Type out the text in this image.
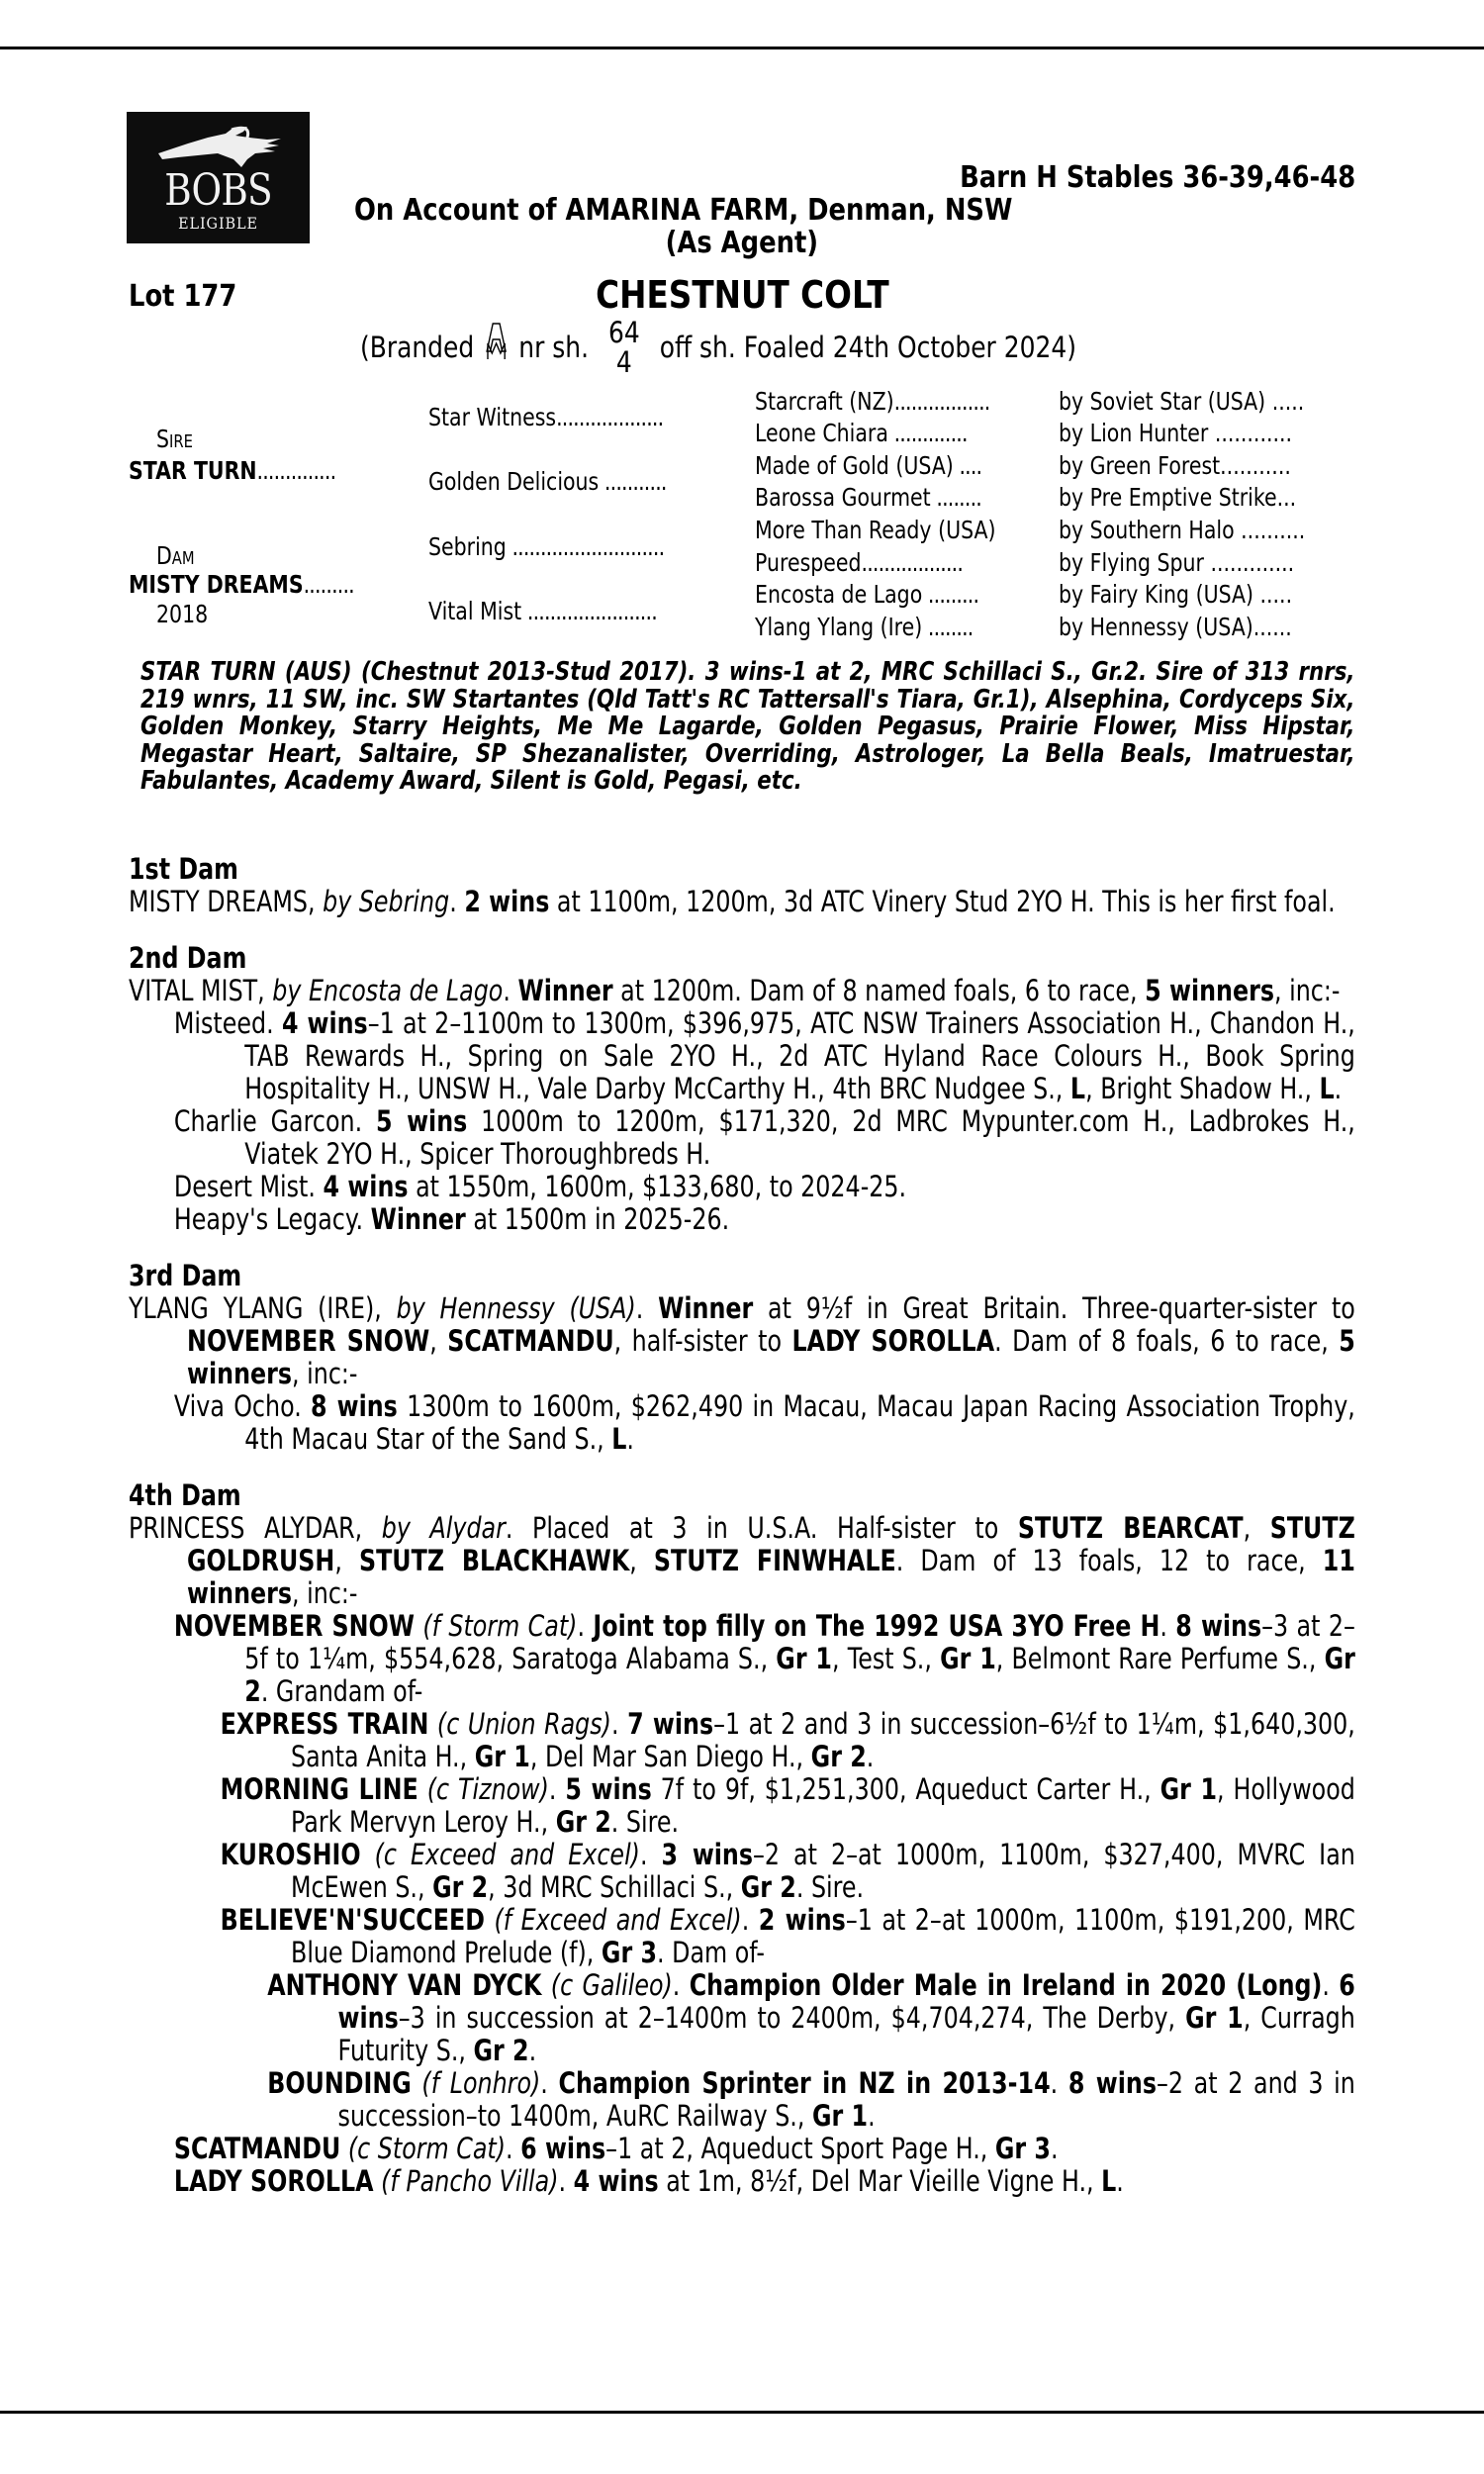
BOBS
ELIGIBLE
Barn H Stables 36-39,46-48
On Account of AMARINA FARM, Denman, NSW
(As Agent)
Lot 177	CHESTNUT COLT
(Branded nr sh. 64
4 off sh. Foaled 24th October 2024)
Sire
STAR TURN..............
Dam
MISTY DREAMS.........
2018
Star Witness...................
Golden Delicious ...........
Sebring ...........................
Vital Mist .......................
Starcraft (NZ).................
Leone Chiara .............
Made of Gold (USA) ....
Barossa Gourmet ........
More Than Ready (USA)
Purespeed..................
Encosta de Lago .........
Ylang Ylang (Ire) ........
by Soviet Star (USA) .....
by Lion Hunter ............
by Green Forest...........
by Pre Emptive Strike...
by Southern Halo ..........
by Flying Spur .............
by Fairy King (USA) .....
by Hennessy (USA)......
STAR TURN (AUS) (Chestnut 2013-Stud 2017). 3 wins-1 at 2, MRC Schillaci S., Gr.2. Sire of 313 rnrs, 219 wnrs, 11 SW, inc. SW Startantes (Qld Tatt's RC Tattersall's Tiara, Gr.1), Alsephina, Cordyceps Six, Golden Monkey, Starry Heights, Me Me Lagarde, Golden Pegasus, Prairie Flower, Miss Hipstar, Megastar Heart, Saltaire, SP Shezanalister, Overriding, Astrologer, La Bella Beals, Imatruestar, Fabulantes, Academy Award, Silent is Gold, Pegasi, etc.
1st Dam
MISTY DREAMS, by Sebring. 2 wins at 1100m, 1200m, 3d ATC Vinery Stud 2YO H. This is her first foal.
2nd Dam
VITAL MIST, by Encosta de Lago. Winner at 1200m. Dam of 8 named foals, 6 to race, 5 winners, inc:-
Misteed. 4 wins–1 at 2–1100m to 1300m, $396,975, ATC NSW Trainers Association H., Chandon H., TAB Rewards H., Spring on Sale 2YO H., 2d ATC Hyland Race Colours H., Book Spring Hospitality H., UNSW H., Vale Darby McCarthy H., 4th BRC Nudgee S., L, Bright Shadow H., L.
Charlie Garcon. 5 wins 1000m to 1200m, $171,320, 2d MRC Mypunter.com H., Ladbrokes H., Viatek 2YO H., Spicer Thoroughbreds H.
Desert Mist. 4 wins at 1550m, 1600m, $133,680, to 2024-25.
Heapy's Legacy. Winner at 1500m in 2025-26.
3rd Dam
YLANG YLANG (IRE), by Hennessy (USA). Winner at 9½f in Great Britain. Three-quarter-sister to NOVEMBER SNOW, SCATMANDU, half-sister to LADY SOROLLA. Dam of 8 foals, 6 to race, 5 winners, inc:-
Viva Ocho. 8 wins 1300m to 1600m, $262,490 in Macau, Macau Japan Racing Association Trophy, 4th Macau Star of the Sand S., L.
4th Dam
PRINCESS ALYDAR, by Alydar. Placed at 3 in U.S.A. Half-sister to STUTZ BEARCAT, STUTZ GOLDRUSH, STUTZ BLACKHAWK, STUTZ FINWHALE. Dam of 13 foals, 12 to race, 11 winners, inc:-
NOVEMBER SNOW (f Storm Cat). Joint top filly on The 1992 USA 3YO Free H. 8 wins–3 at 2–5f to 1¼m, $554,628, Saratoga Alabama S., Gr 1, Test S., Gr 1, Belmont Rare Perfume S., Gr 2. Grandam of-
EXPRESS TRAIN (c Union Rags). 7 wins–1 at 2 and 3 in succession–6½f to 1¼m, $1,640,300, Santa Anita H., Gr 1, Del Mar San Diego H., Gr 2.
MORNING LINE (c Tiznow). 5 wins 7f to 9f, $1,251,300, Aqueduct Carter H., Gr 1, Hollywood Park Mervyn Leroy H., Gr 2. Sire.
KUROSHIO (c Exceed and Excel). 3 wins–2 at 2–at 1000m, 1100m, $327,400, MVRC Ian McEwen S., Gr 2, 3d MRC Schillaci S., Gr 2. Sire.
BELIEVE'N'SUCCEED (f Exceed and Excel). 2 wins–1 at 2–at 1000m, 1100m, $191,200, MRC Blue Diamond Prelude (f), Gr 3. Dam of-
ANTHONY VAN DYCK (c Galileo). Champion Older Male in Ireland in 2020 (Long). 6 wins–3 in succession at 2–1400m to 2400m, $4,704,274, The Derby, Gr 1, Curragh Futurity S., Gr 2.
BOUNDING (f Lonhro). Champion Sprinter in NZ in 2013-14. 8 wins–2 at 2 and 3 in succession–to 1400m, AuRC Railway S., Gr 1.
SCATMANDU (c Storm Cat). 6 wins–1 at 2, Aqueduct Sport Page H., Gr 3.
LADY SOROLLA (f Pancho Villa). 4 wins at 1m, 8½f, Del Mar Vieille Vigne H., L.
